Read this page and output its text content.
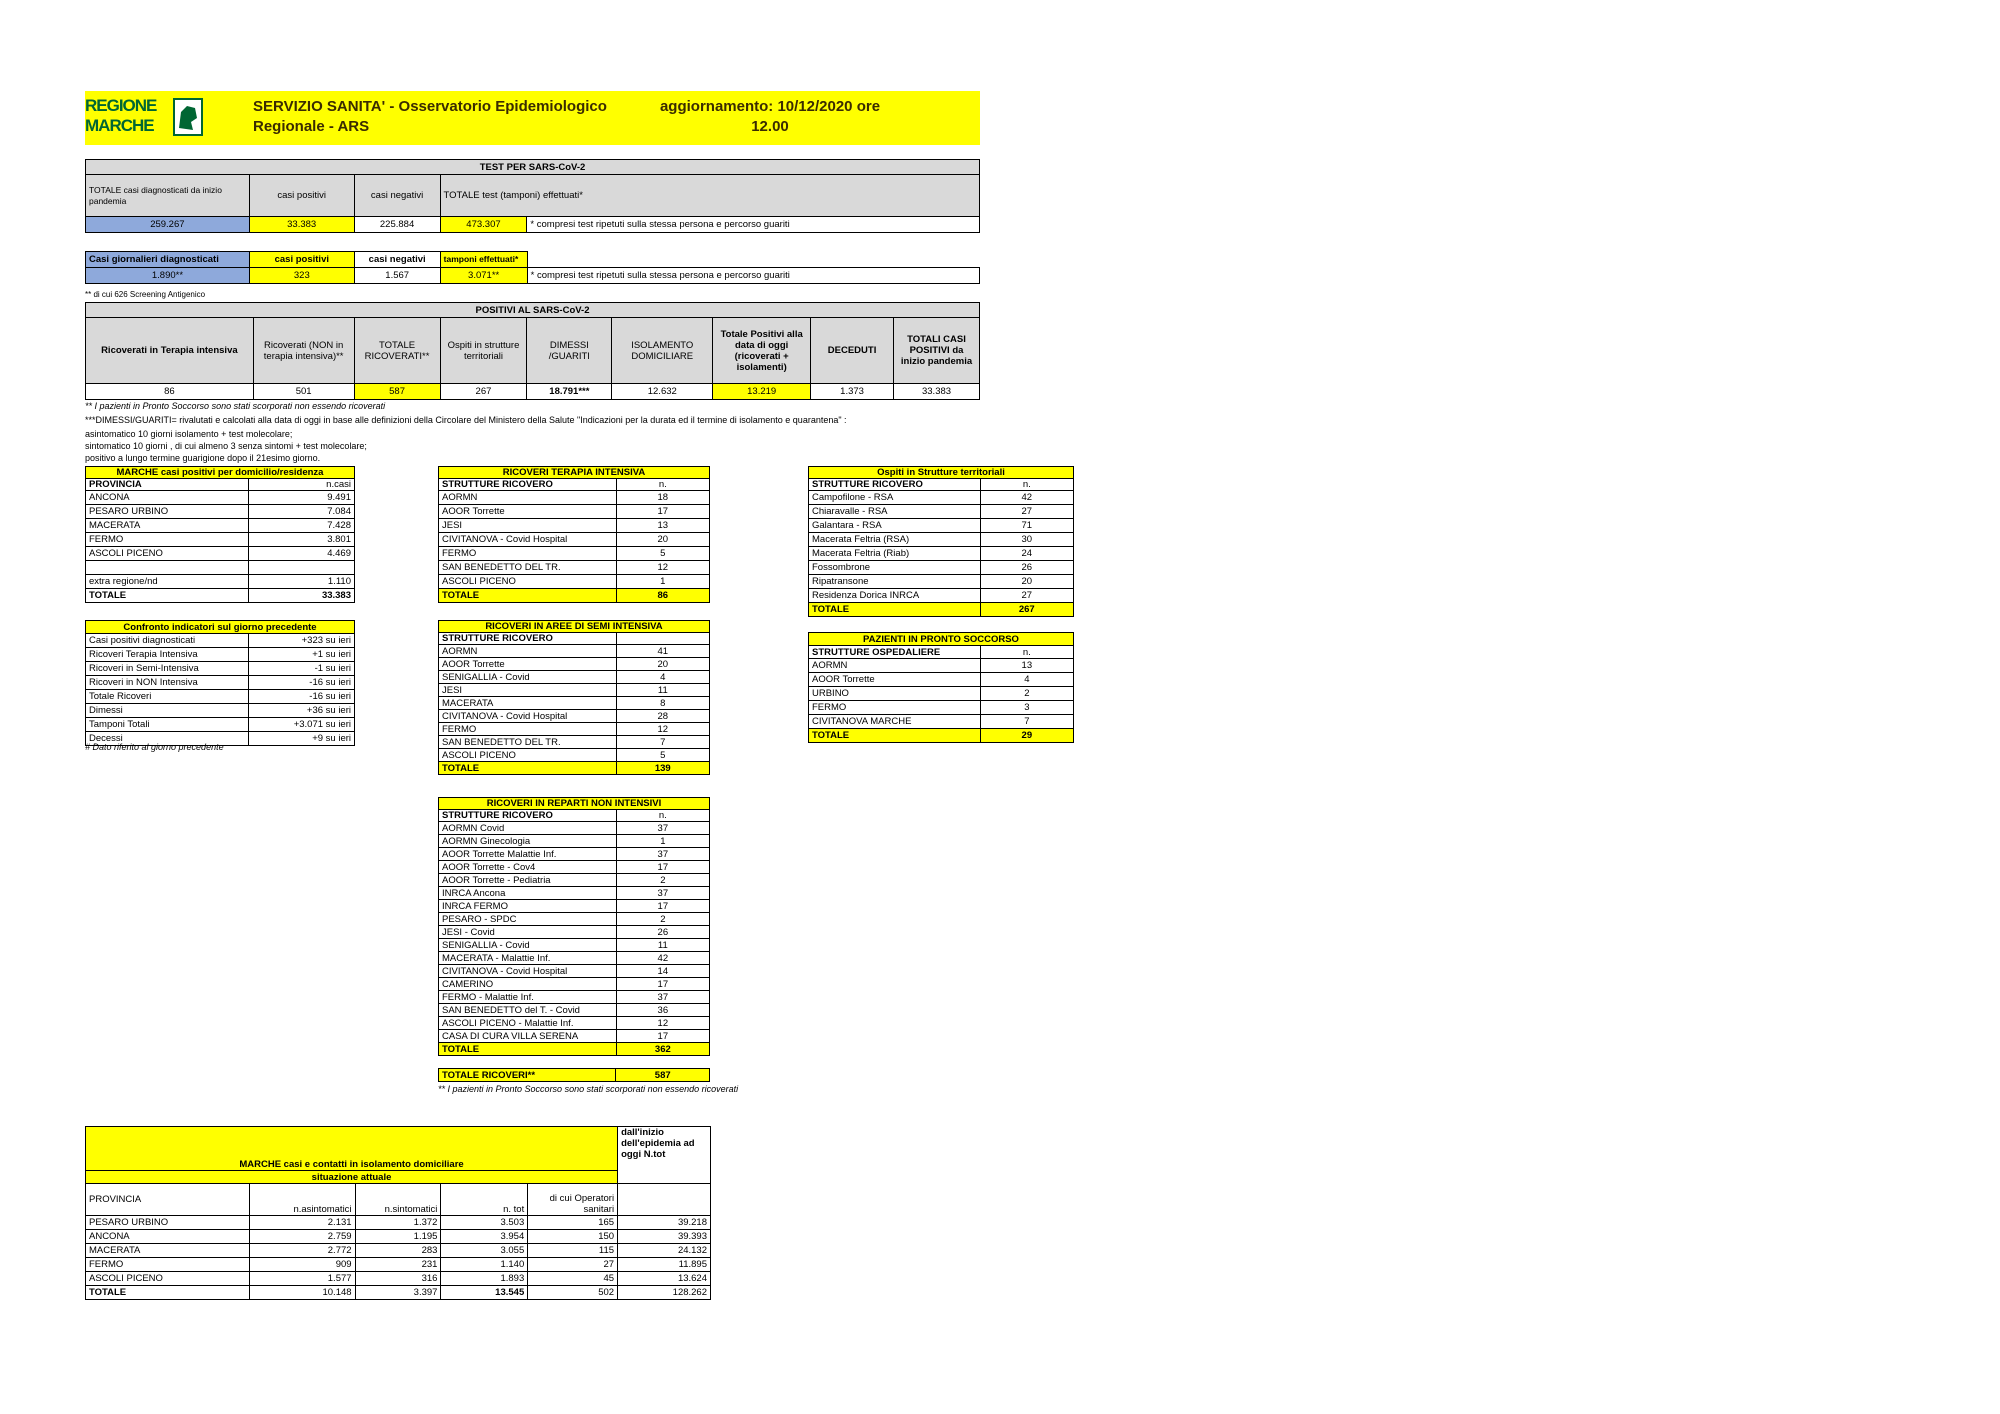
REGIONE
MARCHE
SERVIZIO SANITA' - Osservatorio Epidemiologico
Regionale - ARS
aggiornamento: 10/12/2020 ore
12.00
TEST PER SARS-CoV-2				
TOTALE casi diagnosticati da inizio pandemia	casi positivi	casi negativi	TOTALE test (tamponi) effettuati*	
259.267	33.383	225.884	473.307	* compresi test ripetuti sulla stessa persona e percorso guariti
Casi giornalieri diagnosticati	casi positivi	casi negativi	tamponi effettuati*	
1.890**	323	1.567	3.071**	* compresi test ripetuti sulla stessa persona e percorso guariti
** di cui 626 Screening Antigenico
POSITIVI AL SARS-CoV-2								
Ricoverati in Terapia intensiva	Ricoverati (NON in terapia intensiva)**	TOTALE RICOVERATI**	Ospiti in strutture territoriali	DIMESSI /GUARITI	ISOLAMENTO DOMICILIARE	Totale Positivi alla data di oggi (ricoverati + isolamenti)	DECEDUTI	TOTALI CASI POSITIVI da inizio pandemia
86	501	587	267	18.791***	12.632	13.219	1.373	33.383
** I pazienti in Pronto Soccorso sono stati scorporati non essendo ricoverati
***DIMESSI/GUARITI= rivalutati e calcolati alla data di oggi in base alle definizioni della Circolare del Ministero della Salute "Indicazioni per la durata ed il termine di isolamento e quarantena" :
asintomatico 10 giorni isolamento + test molecolare;
sintomatico 10 giorni , di cui almeno 3 senza sintomi + test molecolare;
positivo a lungo termine guarigione dopo il 21esimo giorno.
MARCHE casi positivi per domicilio/residenza	
PROVINCIA	n.casi
ANCONA	9.491
PESARO URBINO	7.084
MACERATA	7.428
FERMO	3.801
ASCOLI PICENO	4.469

extra regione/nd	1.110
TOTALE	33.383
Confronto indicatori sul giorno precedente	
Casi positivi diagnosticati	+323 su ieri
Ricoveri Terapia Intensiva	+1 su ieri
Ricoveri in Semi-Intensiva	-1 su ieri
Ricoveri in NON Intensiva	-16 su ieri
Totale Ricoveri	-16 su ieri
Dimessi	+36 su ieri
Tamponi Totali	+3.071 su ieri
Decessi	+9 su ieri
# Dato riferito al giorno precedente
RICOVERI TERAPIA INTENSIVA	
STRUTTURE RICOVERO	n.
AORMN	18
AOOR Torrette	17
JESI	13
CIVITANOVA - Covid Hospital	20
FERMO	5
SAN BENEDETTO DEL TR.	12
ASCOLI PICENO	1
TOTALE	86
RICOVERI IN AREE DI SEMI INTENSIVA	
STRUTTURE RICOVERO	
AORMN	41
AOOR Torrette	20
SENIGALLIA - Covid	4
JESI	11
MACERATA	8
CIVITANOVA - Covid Hospital	28
FERMO	12
SAN BENEDETTO DEL TR.	7
ASCOLI PICENO	5
TOTALE	139
RICOVERI IN REPARTI NON INTENSIVI	
STRUTTURE RICOVERO	n.
AORMN Covid	37
AORMN Ginecologia	1
AOOR Torrette Malattie Inf.	37
AOOR Torrette - Cov4	17
AOOR Torrette - Pediatria	2
INRCA Ancona	37
INRCA FERMO	17
PESARO - SPDC	2
JESI - Covid	26
SENIGALLIA - Covid	11
MACERATA - Malattie Inf.	42
CIVITANOVA - Covid Hospital	14
CAMERINO	17
FERMO - Malattie Inf.	37
SAN BENEDETTO del T. - Covid	36
ASCOLI PICENO - Malattie Inf.	12
CASA DI CURA VILLA SERENA	17
TOTALE	362
TOTALE RICOVERI**	587
** I pazienti in Pronto Soccorso sono stati scorporati non essendo ricoverati
Ospiti in Strutture territoriali	
STRUTTURE RICOVERO	n.
Campofilone - RSA	42
Chiaravalle - RSA	27
Galantara - RSA	71
Macerata Feltria (RSA)	30
Macerata Feltria (Riab)	24
Fossombrone	26
Ripatransone	20
Residenza Dorica INRCA	27
TOTALE	267
PAZIENTI IN PRONTO SOCCORSO	
STRUTTURE OSPEDALIERE	n.
AORMN	13
AOOR Torrette	4
URBINO	2
FERMO	3
CIVITANOVA MARCHE	7
TOTALE	29
MARCHE casi e contatti in isolamento domiciliare					dall'inizio dell'epidemia ad oggi N.tot
situazione attuale					
PROVINCIA	n.asintomatici	n.sintomatici	n. tot	di cui Operatori sanitari	
PESARO URBINO	2.131	1.372	3.503	165	39.218
ANCONA	2.759	1.195	3.954	150	39.393
MACERATA	2.772	283	3.055	115	24.132
FERMO	909	231	1.140	27	11.895
ASCOLI PICENO	1.577	316	1.893	45	13.624
TOTALE	10.148	3.397	13.545	502	128.262
